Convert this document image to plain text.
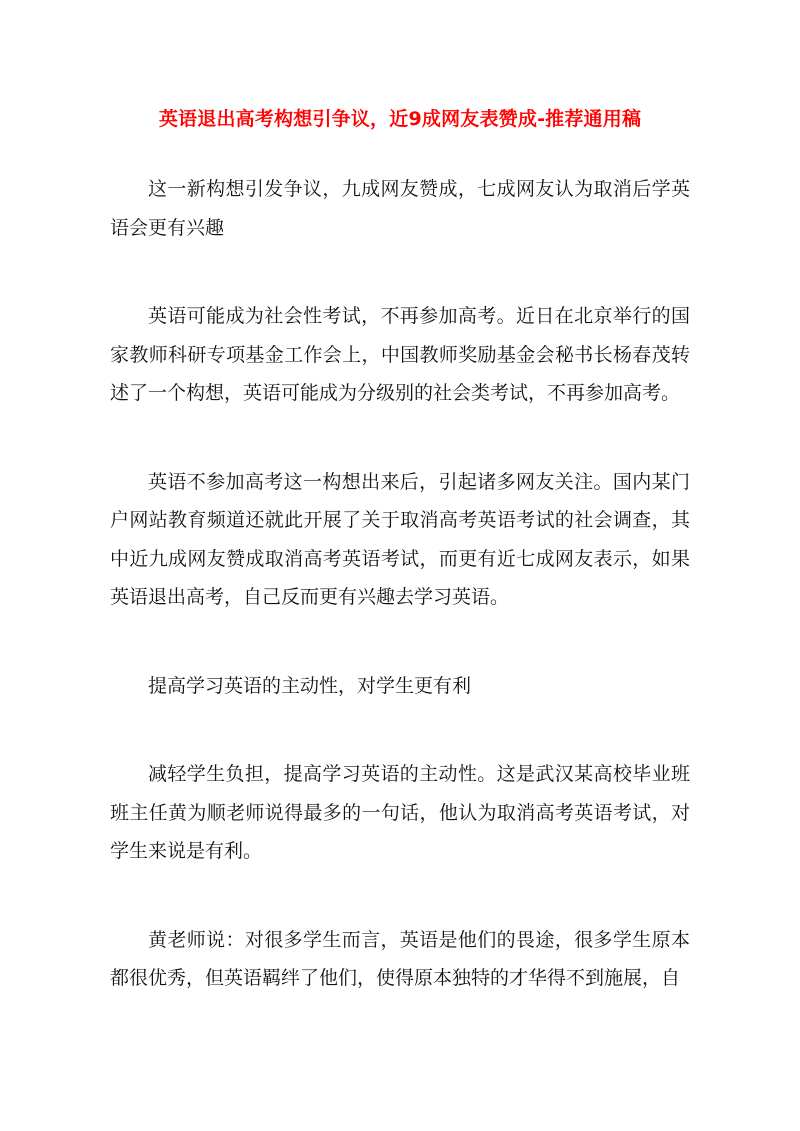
英语退出高考构想引争议，近9成网友表赞成-推荐通用稿

这一新构想引发争议，九成网友赞成，七成网友认为取消后学英语会更有兴趣

英语可能成为社会性考试，不再参加高考。近日在北京举行的国家教师科研专项基金工作会上，中国教师奖励基金会秘书长杨春茂转述了一个构想，英语可能成为分级别的社会类考试，不再参加高考。

英语不参加高考这一构想出来后，引起诸多网友关注。国内某门户网站教育频道还就此开展了关于取消高考英语考试的社会调查，其中近九成网友赞成取消高考英语考试，而更有近七成网友表示，如果英语退出高考，自己反而更有兴趣去学习英语。

提高学习英语的主动性，对学生更有利

减轻学生负担，提高学习英语的主动性。这是武汉某高校毕业班班主任黄为顺老师说得最多的一句话，他认为取消高考英语考试，对学生来说是有利。

黄老师说：对很多学生而言，英语是他们的畏途，很多学生原本都很优秀，但英语羁绊了他们，使得原本独特的才华得不到施展，自
